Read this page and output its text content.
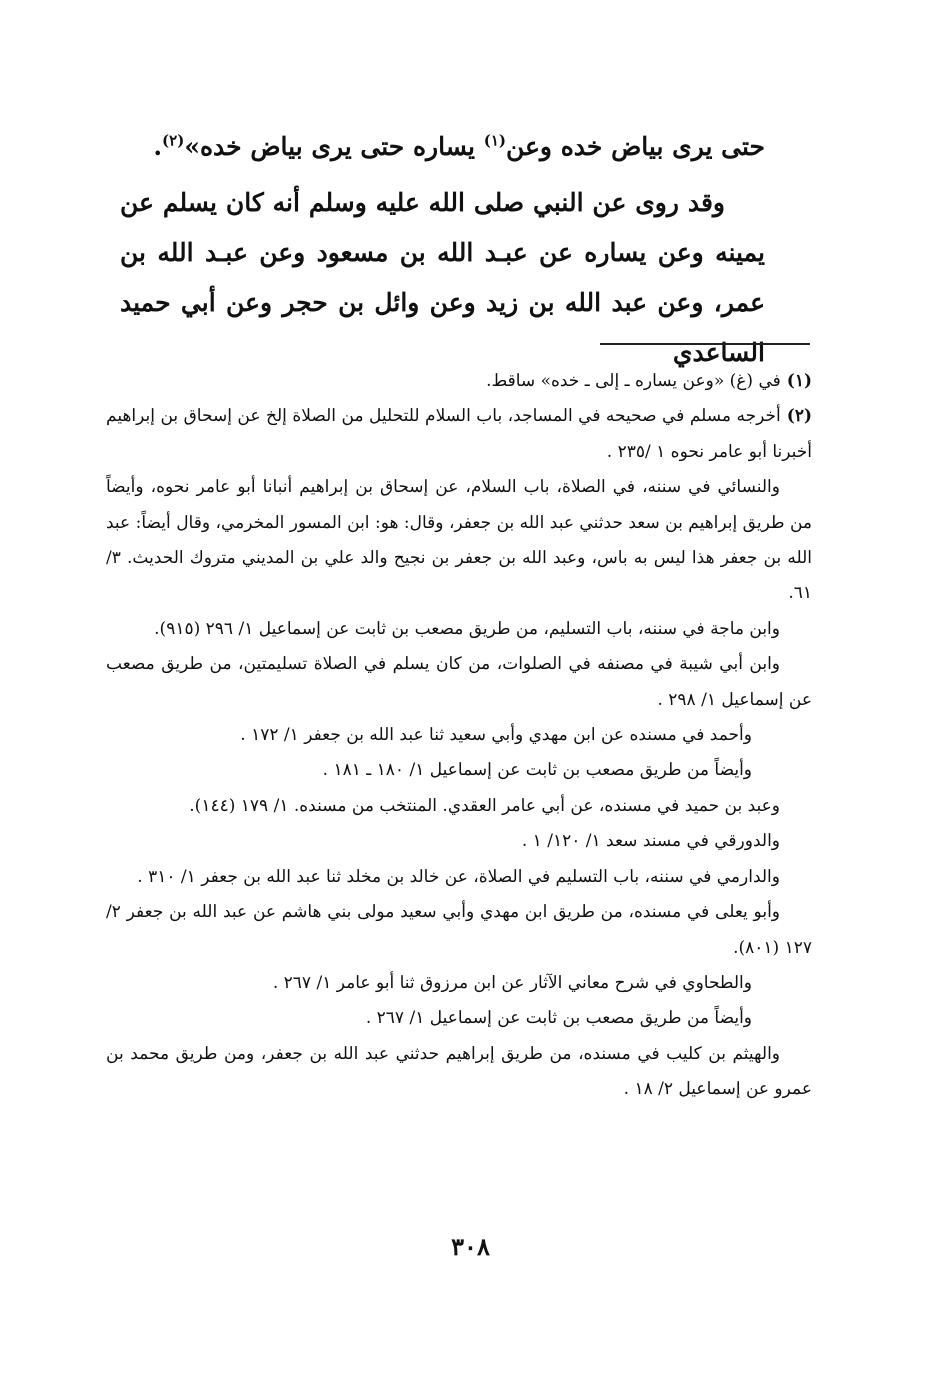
حتى يرى بياض خده وعن$^{(١)}$ يساره حتى يرى بياض خده»$^{(٢)}$.

وقد روى عن النبي صلى الله عليه وسلم أنه كان يسلم عن يمينه وعن يساره عن عبـد الله بن مسعود وعن عبـد الله بن عمر، وعن عبد الله بن زيد وعن وائل بن حجر وعن أبي حميد الساعدي

(١)في (غ) «وعن يساره ـ إلى ـ خده» ساقط.

(٢)أخرجه مسلم في صحيحه في المساجد، باب السلام للتحليل من الصلاة إلخ عن إسحاق بن إبراهيم أخبرنا أبو عامر نحوه ١ /٢٣٥ .

والنسائي في سننه، في الصلاة، باب السلام، عن إسحاق بن إبراهيم أنبانا أبو عامر نحوه، وأيضاً من طريق إبراهيم بن سعد حدثني عبد الله بن جعفر، وقال: هو: ابن المسور المخرمي، وقال أيضاً: عبد الله بن جعفر هذا ليس به باس، وعبد الله بن جعفر بن نجيح والد علي بن المديني متروك الحديث. ٣/ ٦١.

وابن ماجة في سننه، باب التسليم، من طريق مصعب بن ثابت عن إسماعيل ١/ ٢٩٦ (٩١٥).

وابن أبي شيبة في مصنفه في الصلوات، من كان يسلم في الصلاة تسليمتين، من طريق مصعب عن إسماعيل ١/ ٢٩٨ .

وأحمد في مسنده عن ابن مهدي وأبي سعيد ثنا عبد الله بن جعفر ١/ ١٧٢ .

وأيضاً من طريق مصعب بن ثابت عن إسماعيل ١/ ١٨٠ ـ ١٨١ .

وعبد بن حميد في مسنده، عن أبي عامر العقدي. المنتخب من مسنده. ١/ ١٧٩ (١٤٤).

والدورقي في مسند سعد ١/ ١٢٠/ ١ .

والدارمي في سننه، باب التسليم في الصلاة، عن خالد بن مخلد ثنا عبد الله بن جعفر ١/ ٣١٠ .

وأبو يعلى في مسنده، من طريق ابن مهدي وأبي سعيد مولى بني هاشم عن عبد الله بن جعفر ٢/ ١٢٧ (٨٠١).

والطحاوي في شرح معاني الآثار عن ابن مرزوق ثنا أبو عامر ١/ ٢٦٧ .

وأيضاً من طريق مصعب بن ثابت عن إسماعيل ١/ ٢٦٧ .

والهيثم بن كليب في مسنده، من طريق إبراهيم حدثني عبد الله بن جعفر، ومن طريق محمد بن عمرو عن إسماعيل ٢/ ١٨ .

٣٠٨
